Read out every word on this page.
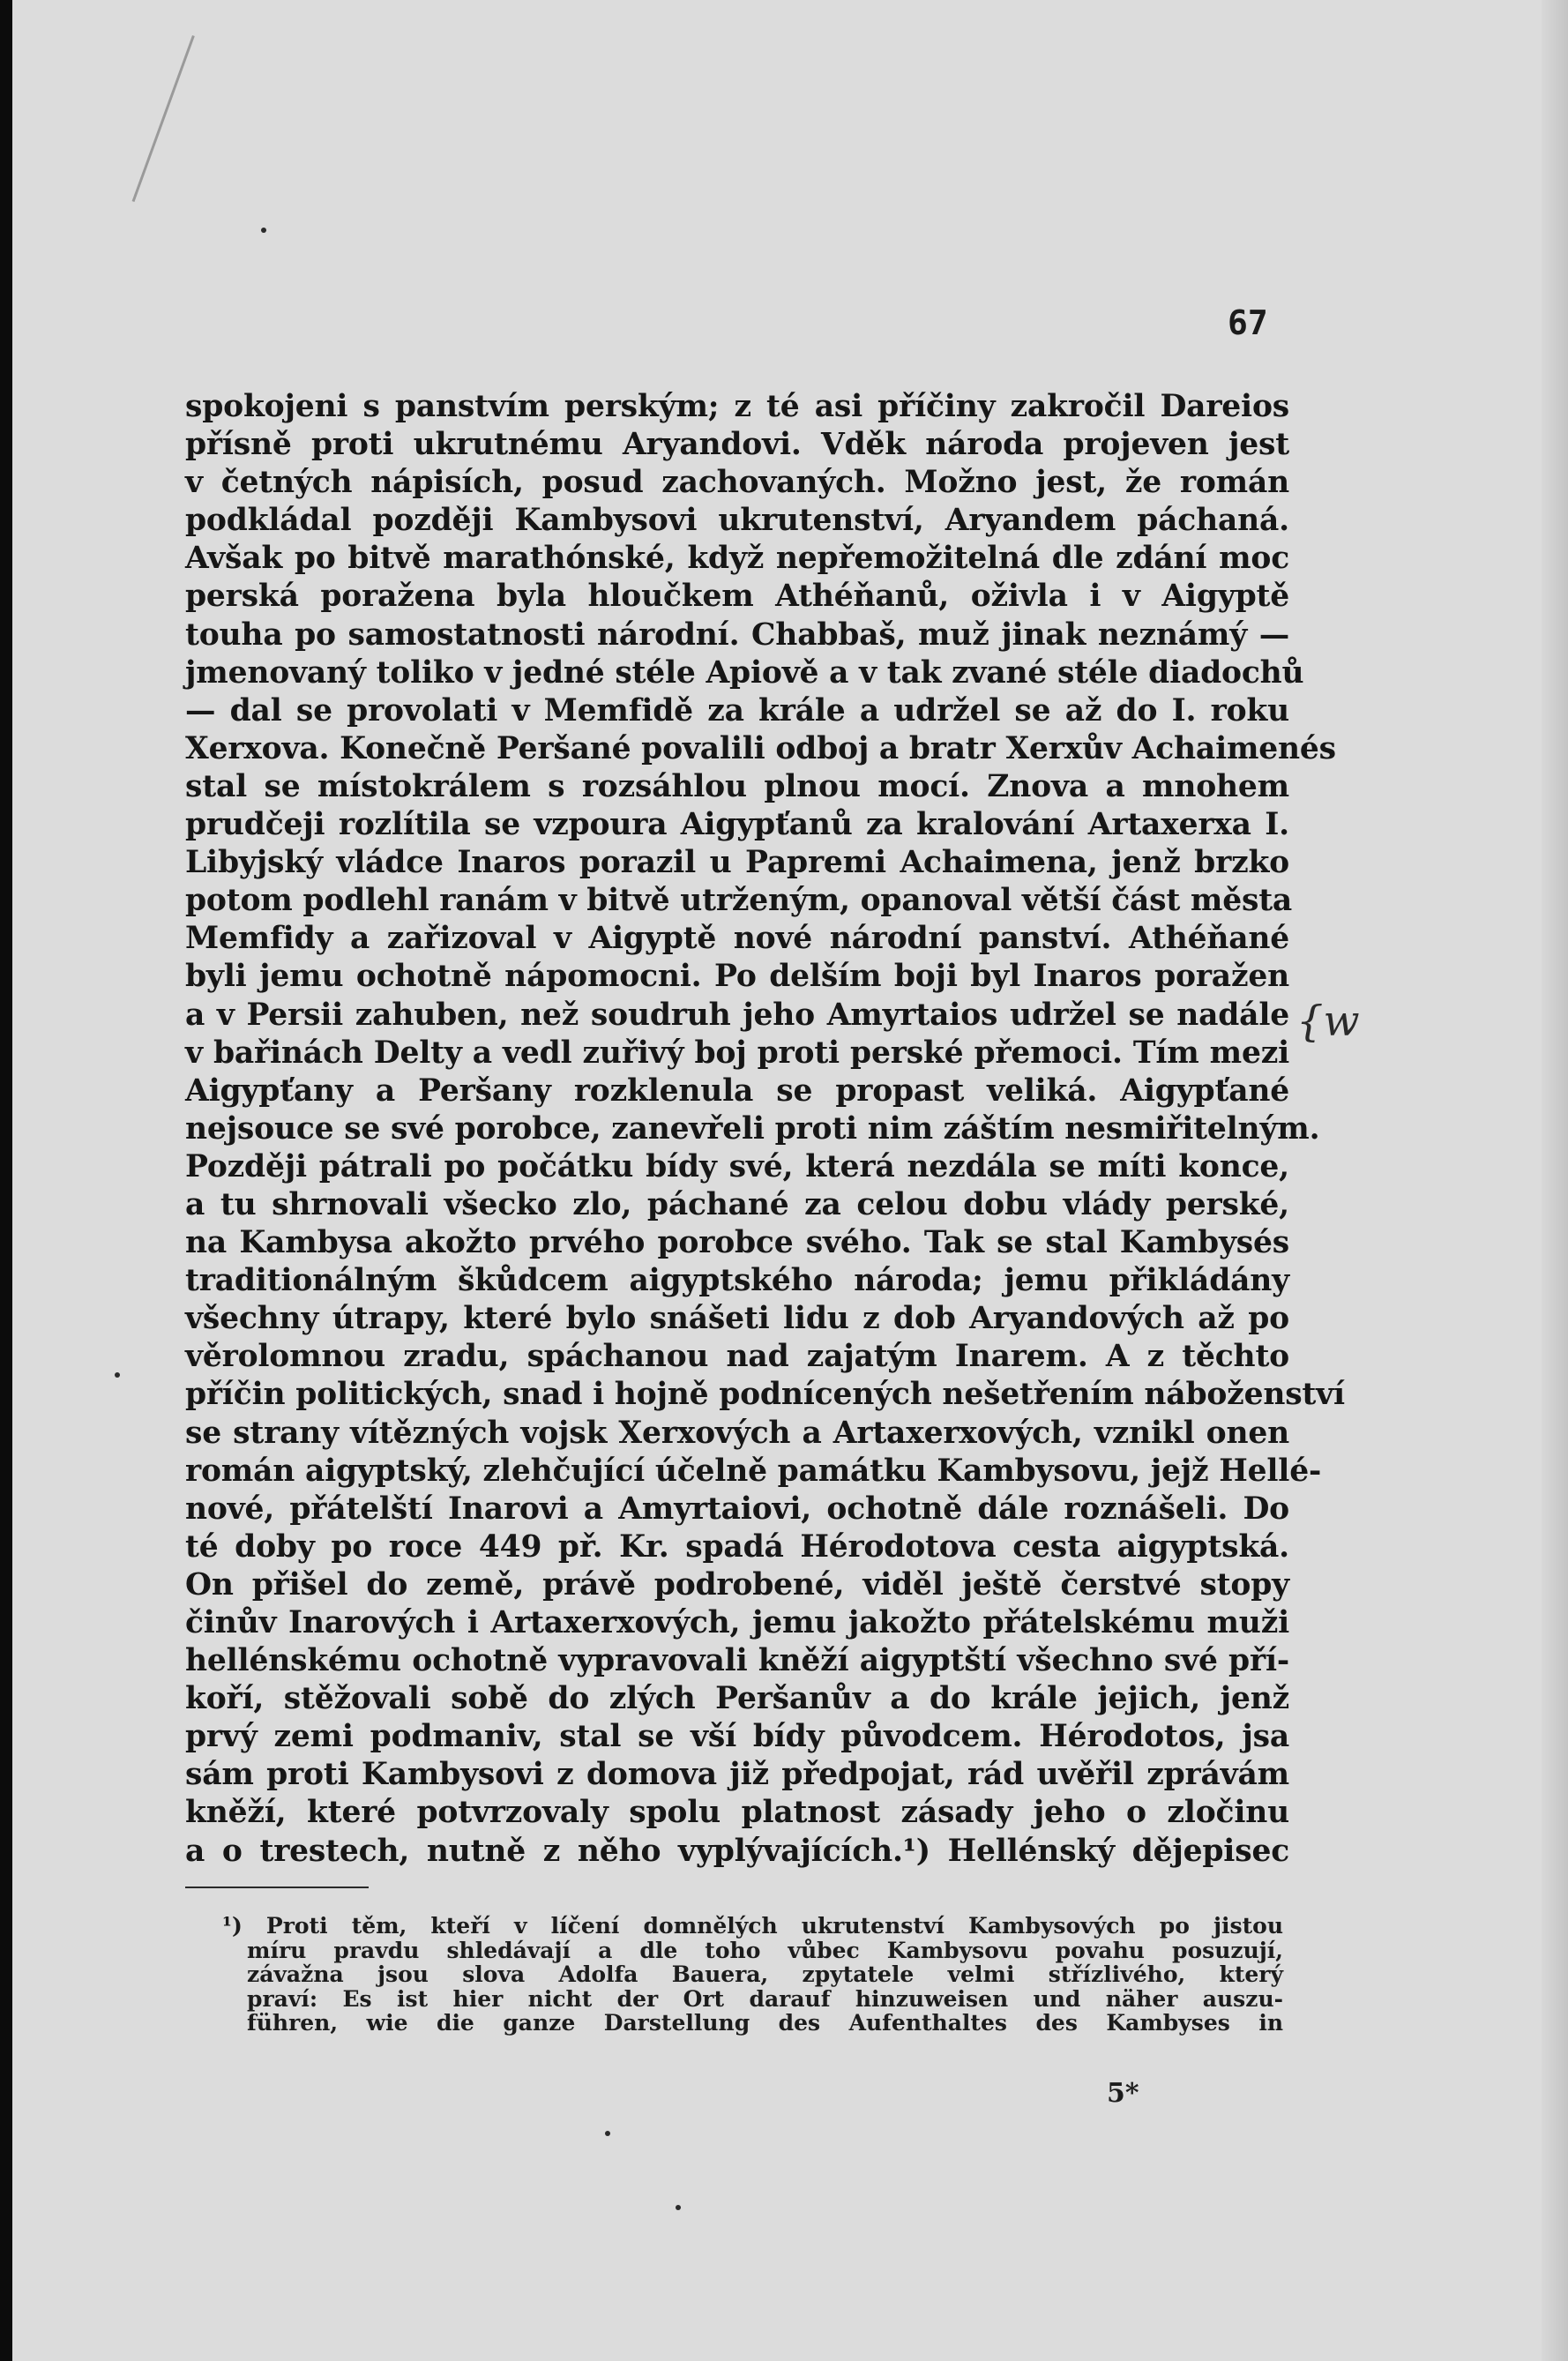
67
spokojeni s panstvím perským; z té asi příčiny zakročil Dareios
přísně proti ukrutnému Aryandovi. Vděk národa projeven jest
v četných nápisích, posud zachovaných. Možno jest, že román
podkládal později Kambysovi ukrutenství, Aryandem páchaná.
Avšak po bitvě marathónské, když nepřemožitelná dle zdání moc
perská poražena byla hloučkem Athéňanů, oživla i v Aigyptě
touha po samostatnosti národní. Chabbaš, muž jinak neznámý —
jmenovaný toliko v jedné stéle Apiově a v tak zvané stéle diadochů
— dal se provolati v Memfidě za krále a udržel se až do I. roku
Xerxova. Konečně Peršané povalili odboj a bratr Xerxův Achaimenés
stal se místokrálem s rozsáhlou plnou mocí. Znova a mnohem
prudčeji rozlítila se vzpoura Aigypťanů za kralování Artaxerxa I.
Libyjský vládce Inaros porazil u Papremi Achaimena, jenž brzko
potom podlehl ranám v bitvě utrženým, opanoval větší část města
Memfidy a zařizoval v Aigyptě nové národní panství. Athéňané
byli jemu ochotně nápomocni. Po delším boji byl Inaros poražen
a v Persii zahuben, než soudruh jeho Amyrtaios udržel se nadále
v bařinách Delty a vedl zuřivý boj proti perské přemoci. Tím mezi
Aigypťany a Peršany rozklenula se propast veliká. Aigypťané
nejsouce se své porobce, zanevřeli proti nim záštím nesmiřitelným.
Později pátrali po počátku bídy své, která nezdála se míti konce,
a tu shrnovali všecko zlo, páchané za celou dobu vlády perské,
na Kambysa akožto prvého porobce svého. Tak se stal Kambysés
traditionálným škůdcem aigyptského národa; jemu přikládány
všechny útrapy, které bylo snášeti lidu z dob Aryandových až po
věrolomnou zradu, spáchanou nad zajatým Inarem. A z těchto
příčin politických, snad i hojně podnícených nešetřením náboženství
se strany vítězných vojsk Xerxových a Artaxerxových, vznikl onen
román aigyptský, zlehčující účelně památku Kambysovu, jejž Hellé-
nové, přátelští Inarovi a Amyrtaiovi, ochotně dále roznášeli. Do
té doby po roce 449 př. Kr. spadá Hérodotova cesta aigyptská.
On přišel do země, právě podrobené, viděl ještě čerstvé stopy
činův Inarových i Artaxerxových, jemu jakožto přátelskému muži
hellénskému ochotně vypravovali kněží aigyptští všechno své pří-
koří, stěžovali sobě do zlých Peršanův a do krále jejich, jenž
prvý zemi podmaniv, stal se vší bídy původcem. Hérodotos, jsa
sám proti Kambysovi z domova již předpojat, rád uvěřil zprávám
kněží, které potvrzovaly spolu platnost zásady jeho o zločinu
a o trestech, nutně z něho vyplývajících.¹) Hellénský dějepisec
{w
¹) Proti těm, kteří v líčení domnělých ukrutenství Kambysových po jistou
míru pravdu shledávají a dle toho vůbec Kambysovu povahu posuzují,
závažna jsou slova Adolfa Bauera, zpytatele velmi střízlivého, který
praví: Es ist hier nicht der Ort darauf hinzuweisen und näher auszu-
führen, wie die ganze Darstellung des Aufenthaltes des Kambyses in
5*
